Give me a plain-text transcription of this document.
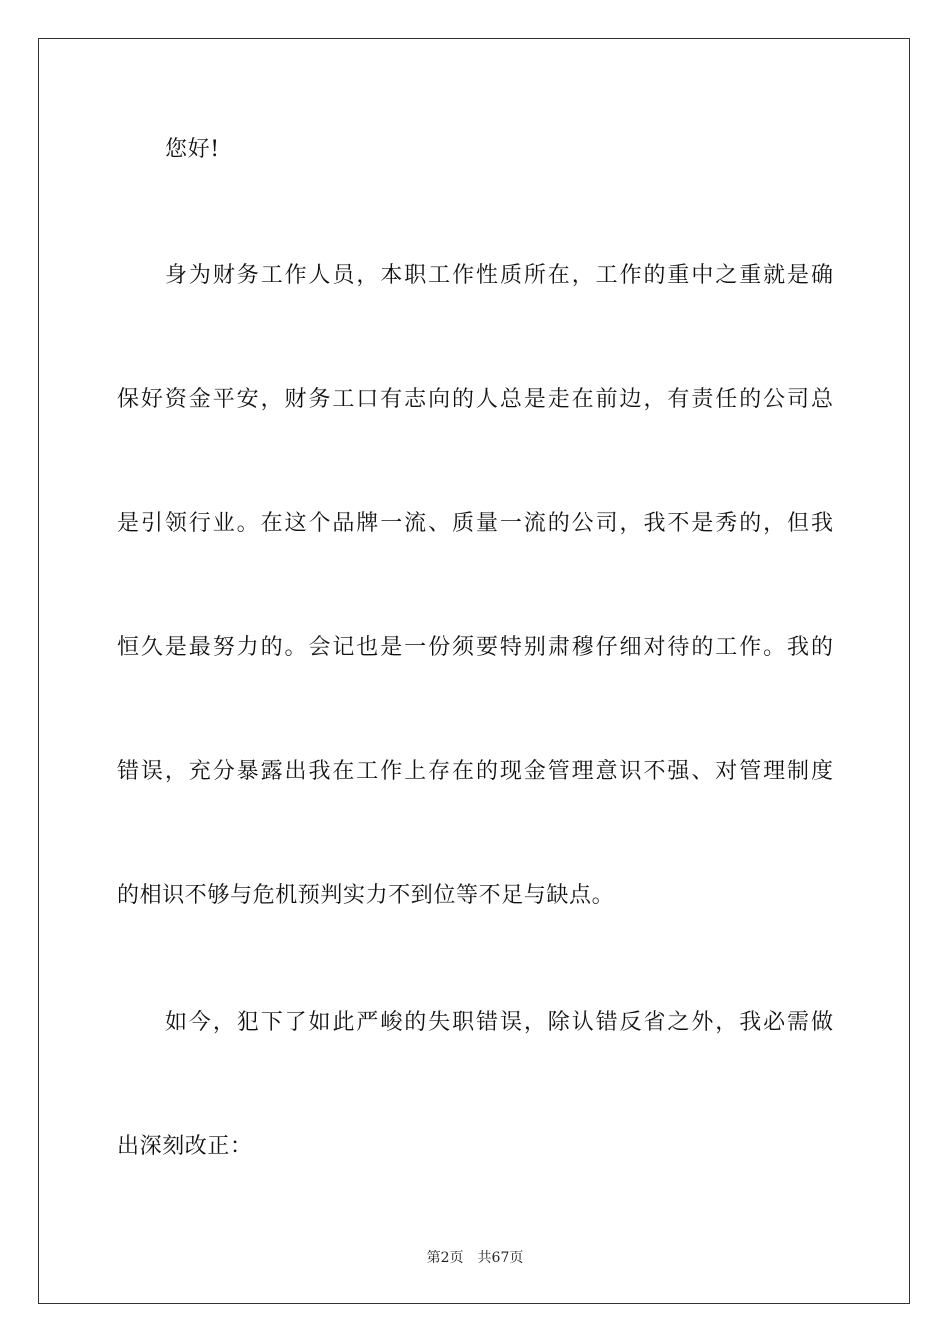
您好!
身为财务工作人员，本职工作性质所在，工作的重中之重就是确
保好资金平安，财务工口有志向的人总是走在前边，有责任的公司总
是引领行业。在这个品牌一流、质量一流的公司，我不是秀的，但我
恒久是最努力的。会记也是一份须要特别肃穆仔细对待的工作。我的
错误，充分暴露出我在工作上存在的现金管理意识不强、对管理制度
的相识不够与危机预判实力不到位等不足与缺点。
如今，犯下了如此严峻的失职错误，除认错反省之外，我必需做
出深刻改正：
第2页 共67页
